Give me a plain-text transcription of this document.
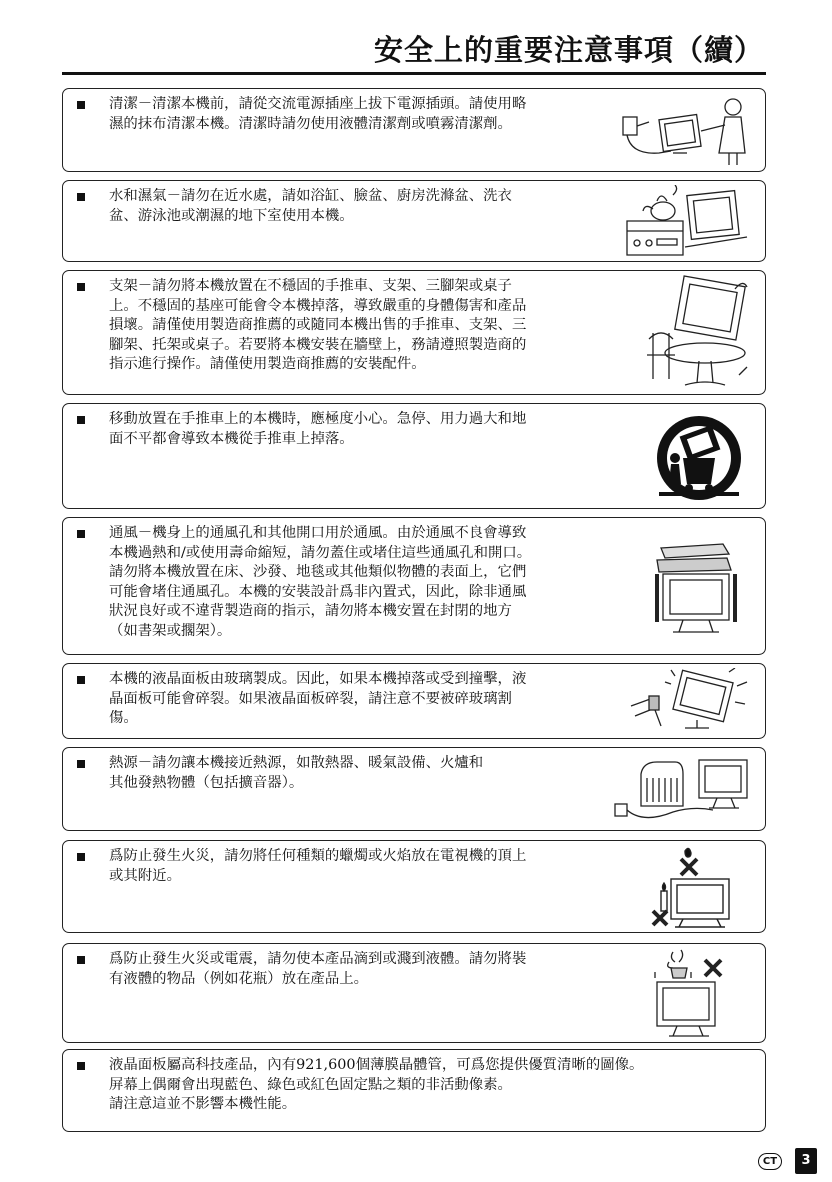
安全上的重要注意事項（續）
清潔－清潔本機前，請從交流電源插座上拔下電源插頭。請使用略
濕的抹布清潔本機。清潔時請勿使用液體清潔劑或噴霧清潔劑。
水和濕氣－請勿在近水處，請如浴缸、臉盆、廚房洗滌盆、洗衣
盆、游泳池或潮濕的地下室使用本機。
支架－請勿將本機放置在不穩固的手推車、支架、三腳架或桌子
上。不穩固的基座可能會令本機掉落，導致嚴重的身體傷害和產品
損壞。請僅使用製造商推薦的或隨同本機出售的手推車、支架、三
腳架、托架或桌子。若要將本機安裝在牆壁上，務請遵照製造商的
指示進行操作。請僅使用製造商推薦的安裝配件。
移動放置在手推車上的本機時，應極度小心。急停、用力過大和地
面不平都會導致本機從手推車上掉落。
通風－機身上的通風孔和其他開口用於通風。由於通風不良會導致
本機過熱和/或使用壽命縮短，請勿蓋住或堵住這些通風孔和開口。
請勿將本機放置在床、沙發、地毯或其他類似物體的表面上，它們
可能會堵住通風孔。本機的安裝設計爲非內置式，因此，除非通風
狀況良好或不違背製造商的指示，請勿將本機安置在封閉的地方
（如書架或擱架）。
本機的液晶面板由玻璃製成。因此，如果本機掉落或受到撞擊，液
晶面板可能會碎裂。如果液晶面板碎裂，請注意不要被碎玻璃割
傷。
熱源－請勿讓本機接近熱源，如散熱器、暖氣設備、火爐和
其他發熱物體（包括擴音器）。
爲防止發生火災，請勿將任何種類的蠟燭或火焰放在電視機的頂上
或其附近。
爲防止發生火災或電震，請勿使本產品滴到或濺到液體。請勿將裝
有液體的物品（例如花瓶）放在產品上。
液晶面板屬高科技產品，內有921,600個薄膜晶體管，可爲您提供優質清晰的圖像。
屏幕上偶爾會出現藍色、綠色或紅色固定點之類的非活動像素。
請注意這並不影響本機性能。
CT	3
